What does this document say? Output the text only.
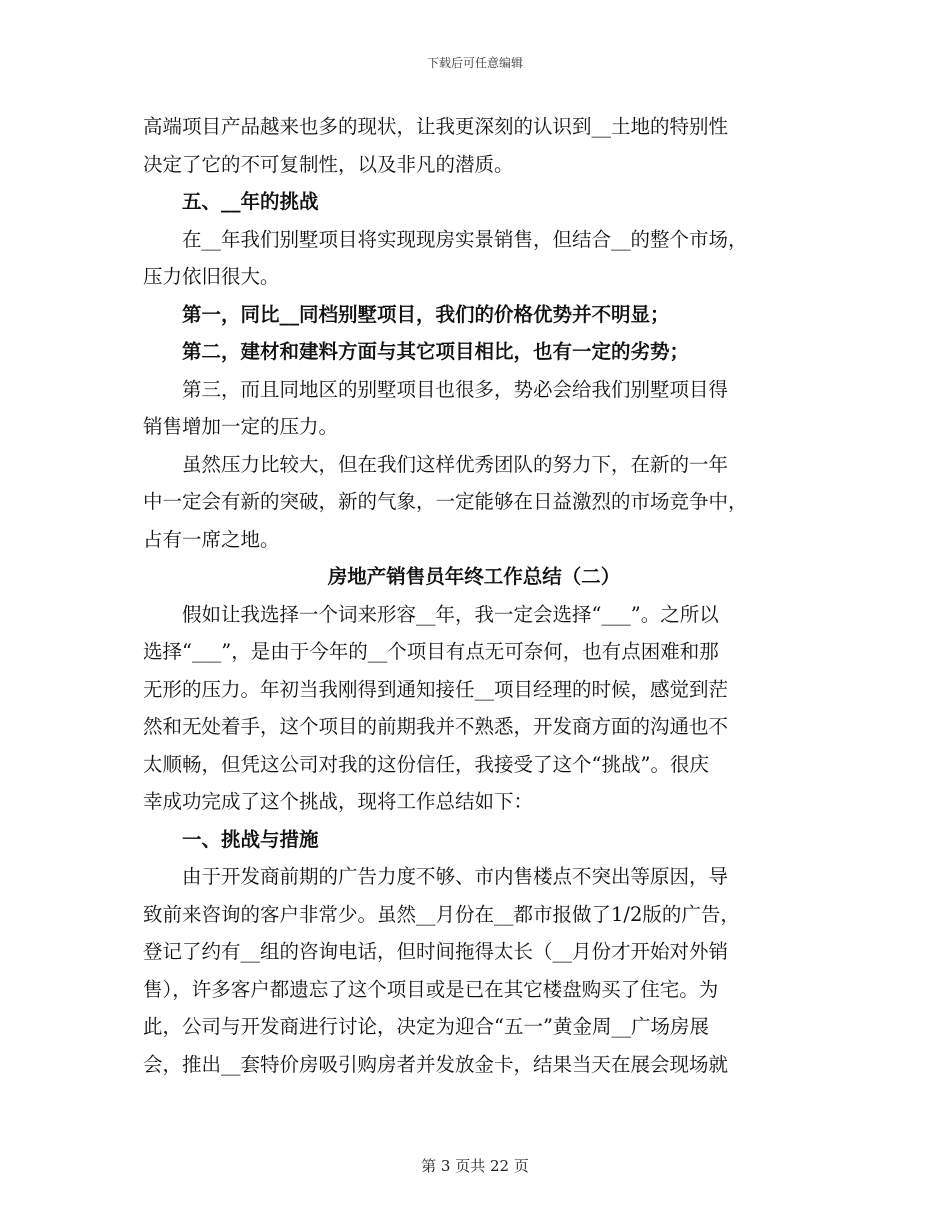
下载后可任意编辑
高端项目产品越来也多的现状，让我更深刻的认识到__土地的特别性
决定了它的不可复制性，以及非凡的潜质。
五、__年的挑战
在__年我们别墅项目将实现现房实景销售，但结合__的整个市场，
压力依旧很大。
第一，同比__同档别墅项目，我们的价格优势并不明显；
第二，建材和建料方面与其它项目相比，也有一定的劣势；
第三，而且同地区的别墅项目也很多，势必会给我们别墅项目得
销售增加一定的压力。
虽然压力比较大，但在我们这样优秀团队的努力下，在新的一年
中一定会有新的突破，新的气象，一定能够在日益激烈的市场竞争中，
占有一席之地。
房地产销售员年终工作总结（二）
假如让我选择一个词来形容__年，我一定会选择“___”。之所以
选择“___”，是由于今年的__个项目有点无可奈何，也有点困难和那
无形的压力。年初当我刚得到通知接任__项目经理的时候，感觉到茫
然和无处着手，这个项目的前期我并不熟悉，开发商方面的沟通也不
太顺畅，但凭这公司对我的这份信任，我接受了这个“挑战”。很庆
幸成功完成了这个挑战，现将工作总结如下：
一、挑战与措施
由于开发商前期的广告力度不够、市内售楼点不突出等原因，导
致前来咨询的客户非常少。虽然__月份在__都市报做了1/2版的广告，
登记了约有__组的咨询电话，但时间拖得太长（__月份才开始对外销
售），许多客户都遗忘了这个项目或是已在其它楼盘购买了住宅。为
此，公司与开发商进行讨论，决定为迎合“五一”黄金周__广场房展
会，推出__套特价房吸引购房者并发放金卡，结果当天在展会现场就
第 3 页共 22 页
